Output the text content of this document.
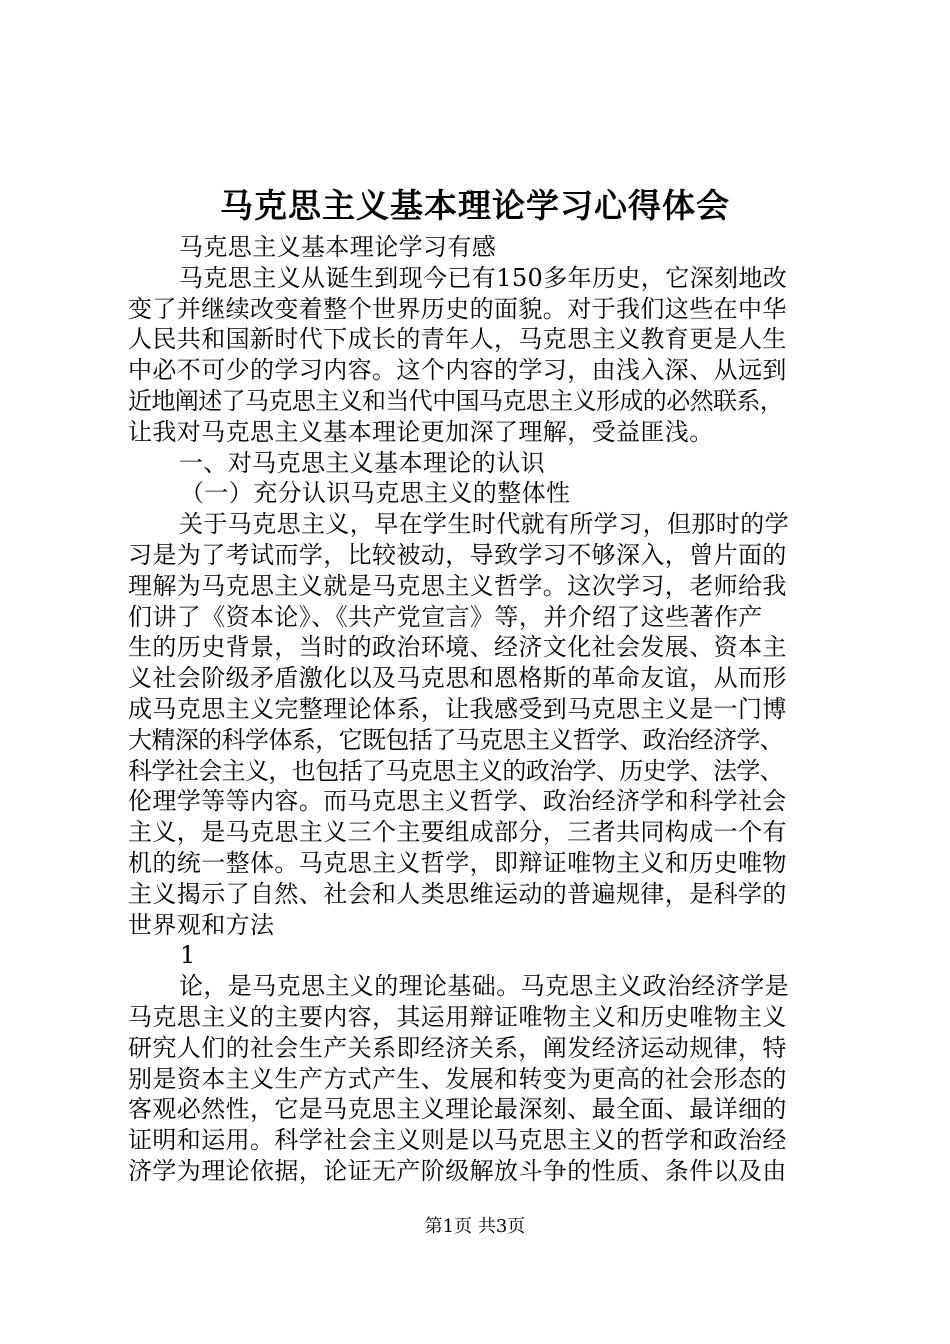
马克思主义基本理论学习心得体会
马克思主义基本理论学习有感
马克思主义从诞生到现今已有150多年历史，它深刻地改
变了并继续改变着整个世界历史的面貌。对于我们这些在中华
人民共和国新时代下成长的青年人，马克思主义教育更是人生
中必不可少的学习内容。这个内容的学习，由浅入深、从远到
近地阐述了马克思主义和当代中国马克思主义形成的必然联系，
让我对马克思主义基本理论更加深了理解，受益匪浅。
一、对马克思主义基本理论的认识
（一）充分认识马克思主义的整体性
关于马克思主义，早在学生时代就有所学习，但那时的学
习是为了考试而学，比较被动，导致学习不够深入，曾片面的
理解为马克思主义就是马克思主义哲学。这次学习，老师给我
们讲了《资本论》、《共产党宣言》等，并介绍了这些著作产
生的历史背景，当时的政治环境、经济文化社会发展、资本主
义社会阶级矛盾激化以及马克思和恩格斯的革命友谊，从而形
成马克思主义完整理论体系，让我感受到马克思主义是一门博
大精深的科学体系，它既包括了马克思主义哲学、政治经济学、
科学社会主义，也包括了马克思主义的政治学、历史学、法学、
伦理学等等内容。而马克思主义哲学、政治经济学和科学社会
主义，是马克思主义三个主要组成部分，三者共同构成一个有
机的统一整体。马克思主义哲学，即辩证唯物主义和历史唯物
主义揭示了自然、社会和人类思维运动的普遍规律，是科学的
世界观和方法
1
论，是马克思主义的理论基础。马克思主义政治经济学是
马克思主义的主要内容，其运用辩证唯物主义和历史唯物主义
研究人们的社会生产关系即经济关系，阐发经济运动规律，特
别是资本主义生产方式产生、发展和转变为更高的社会形态的
客观必然性，它是马克思主义理论最深刻、最全面、最详细的
证明和运用。科学社会主义则是以马克思主义的哲学和政治经
济学为理论依据，论证无产阶级解放斗争的性质、条件以及由
第1页 共3页
